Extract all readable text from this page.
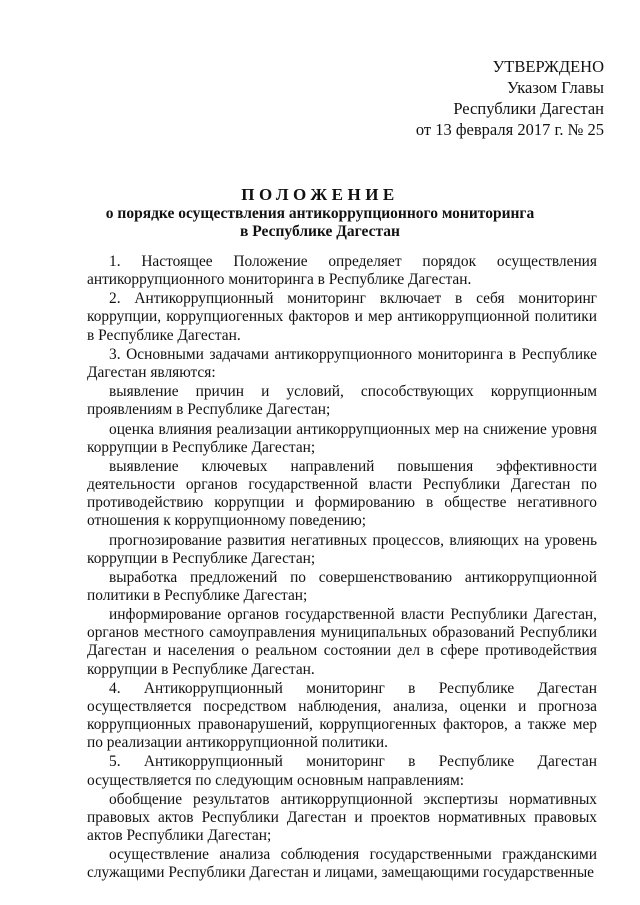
УТВЕРЖДЕНО
Указом Главы
Республики Дагестан
от 13 февраля 2017 г. № 25
ПОЛОЖЕНИЕ
о порядке осуществления антикоррупционного мониторинга
в Республике Дагестан

1. Настоящее Положение определяет порядок осуществления антикоррупционного мониторинга в Республике Дагестан.

2. Антикоррупционный мониторинг включает в себя мониторинг коррупции, коррупциогенных факторов и мер антикоррупционной политики в Республике Дагестан.

3. Основными задачами антикоррупционного мониторинга в Республике Дагестан являются:

выявление причин и условий, способствующих коррупционным проявлениям в Республике Дагестан;

оценка влияния реализации антикоррупционных мер на снижение уровня коррупции в Республике Дагестан;

выявление ключевых направлений повышения эффективности деятельности органов государственной власти Республики Дагестан по противодействию коррупции и формированию в обществе негативного отношения к коррупционному поведению;

прогнозирование развития негативных процессов, влияющих на уровень коррупции в Республике Дагестан;

выработка предложений по совершенствованию антикоррупционной политики в Республике Дагестан;

информирование органов государственной власти Республики Дагестан, органов местного самоуправления муниципальных образований Республики Дагестан и населения о реальном состоянии дел в сфере противодействия коррупции в Республике Дагестан.

4. Антикоррупционный мониторинг в Республике Дагестан осуществляется посредством наблюдения, анализа, оценки и прогноза коррупционных правонарушений, коррупциогенных факторов, а также мер по реализации антикоррупционной политики.

5. Антикоррупционный мониторинг в Республике Дагестан осуществляется по следующим основным направлениям:

обобщение результатов антикоррупционной экспертизы нормативных правовых актов Республики Дагестан и проектов нормативных правовых актов Республики Дагестан;

осуществление анализа соблюдения государственными гражданскими служащими Республики Дагестан и лицами, замещающими государственные
